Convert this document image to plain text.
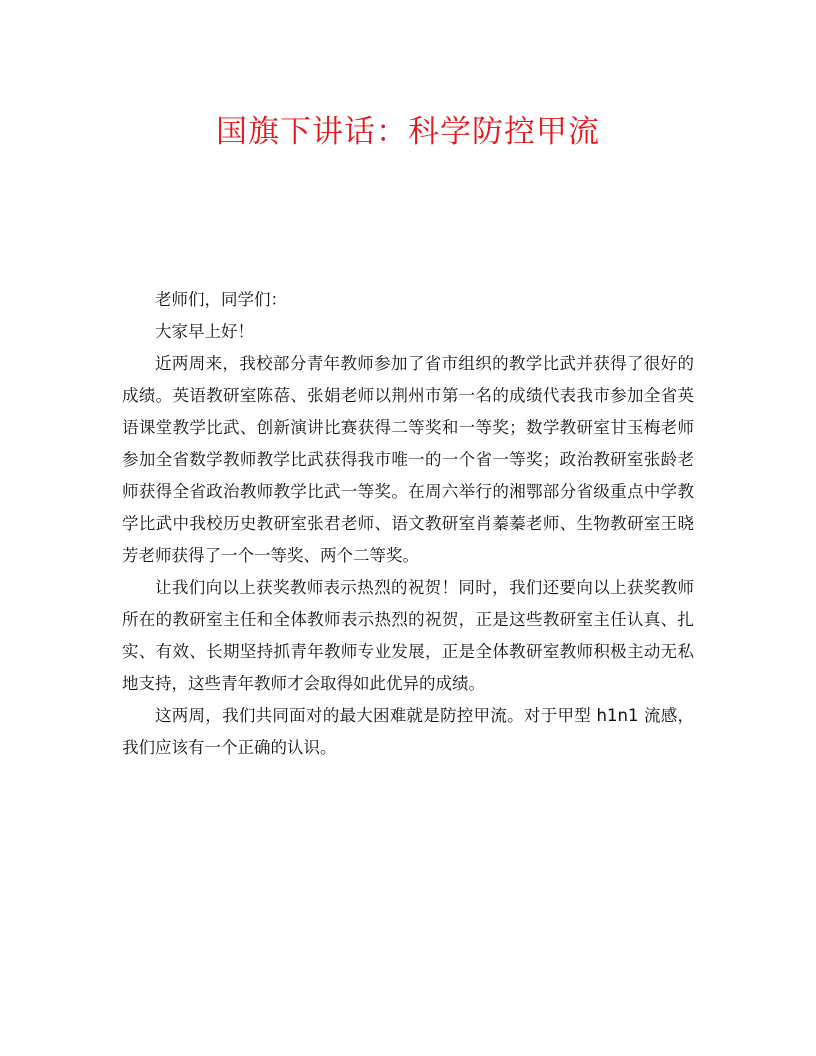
国旗下讲话：科学防控甲流

老师们，同学们：

大家早上好！

近两周来，我校部分青年教师参加了省市组织的教学比武并获得了很好的成绩。英语教研室陈蓓、张娟老师以荆州市第一名的成绩代表我市参加全省英语课堂教学比武、创新演讲比赛获得二等奖和一等奖；数学教研室甘玉梅老师参加全省数学教师教学比武获得我市唯一的一个省一等奖；政治教研室张龄老师获得全省政治教师教学比武一等奖。在周六举行的湘鄂部分省级重点中学教学比武中我校历史教研室张君老师、语文教研室肖蓁蓁老师、生物教研室王晓芳老师获得了一个一等奖、两个二等奖。

让我们向以上获奖教师表示热烈的祝贺！同时，我们还要向以上获奖教师所在的教研室主任和全体教师表示热烈的祝贺，正是这些教研室主任认真、扎实、有效、长期坚持抓青年教师专业发展，正是全体教研室教师积极主动无私地支持，这些青年教师才会取得如此优异的成绩。

这两周，我们共同面对的最大困难就是防控甲流。对于甲型 h1n1 流感，我们应该有一个正确的认识。
